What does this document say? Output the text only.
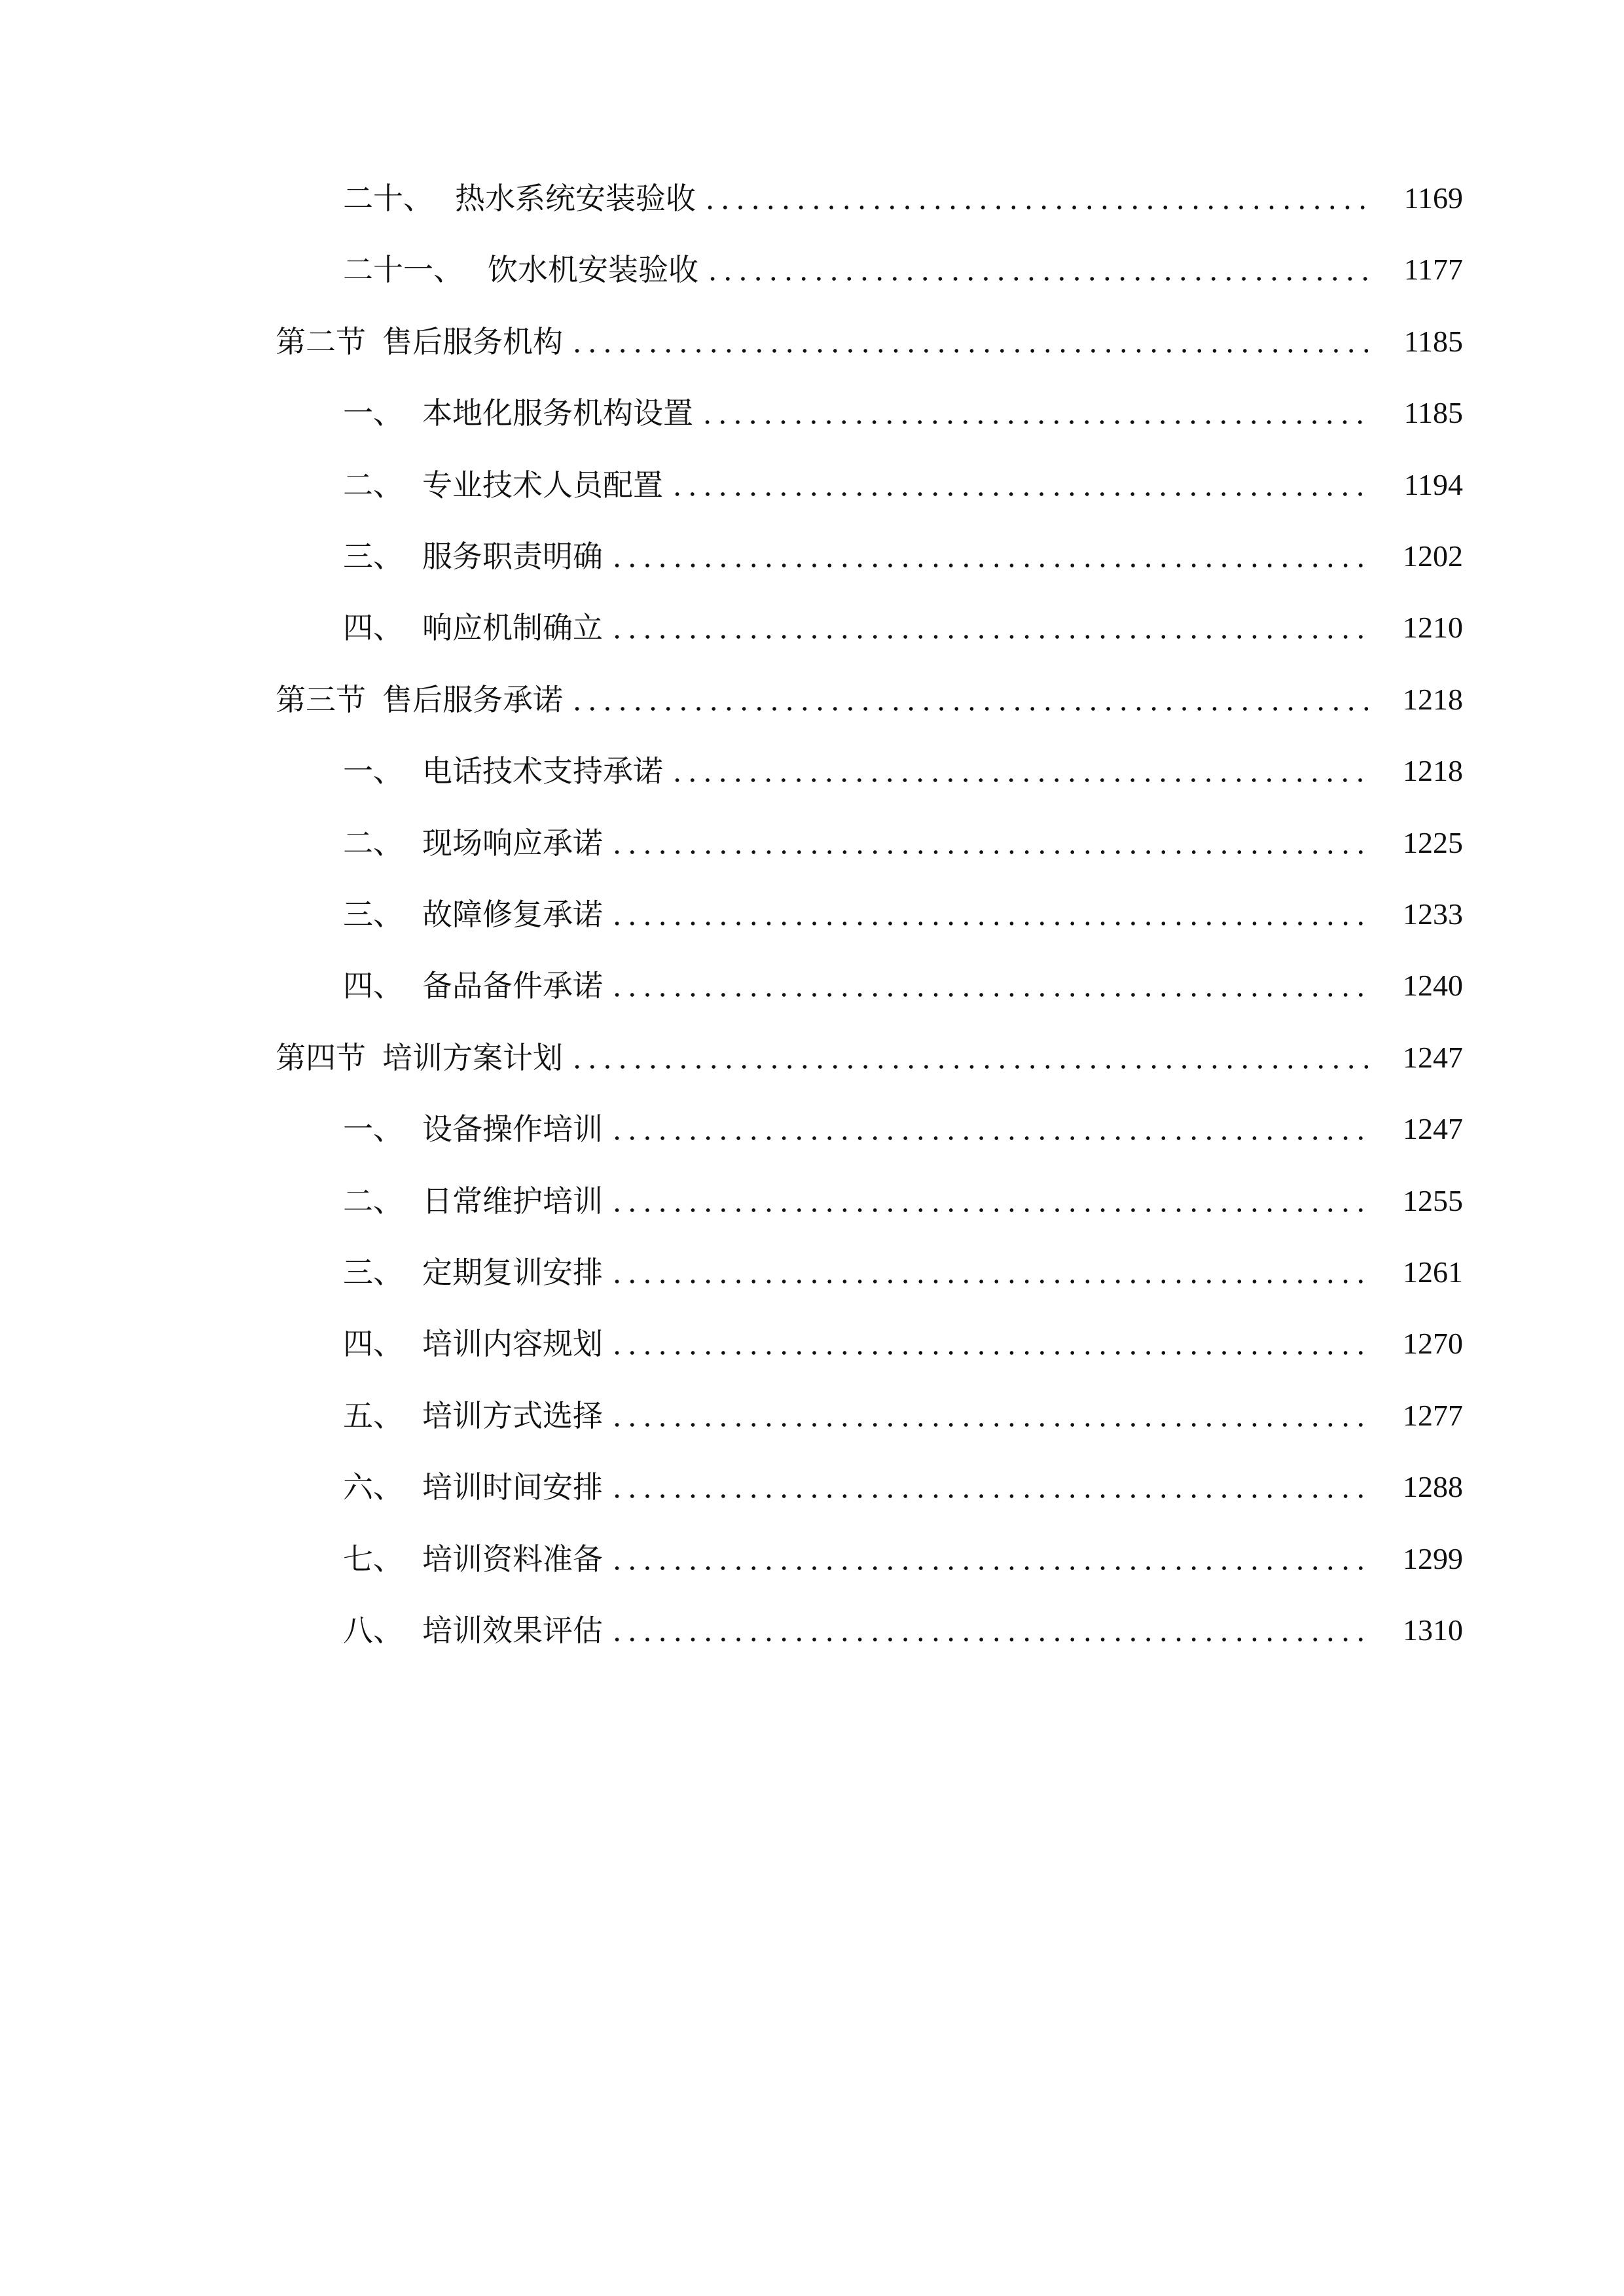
二十、 热水系统安装验收	1169
二十一、 饮水机安装验收	1177
第二节 售后服务机构	1185
一、 本地化服务机构设置	1185
二、 专业技术人员配置	1194
三、 服务职责明确	1202
四、 响应机制确立	1210
第三节 售后服务承诺	1218
一、 电话技术支持承诺	1218
二、 现场响应承诺	1225
三、 故障修复承诺	1233
四、 备品备件承诺	1240
第四节 培训方案计划	1247
一、 设备操作培训	1247
二、 日常维护培训	1255
三、 定期复训安排	1261
四、 培训内容规划	1270
五、 培训方式选择	1277
六、 培训时间安排	1288
七、 培训资料准备	1299
八、 培训效果评估	1310
